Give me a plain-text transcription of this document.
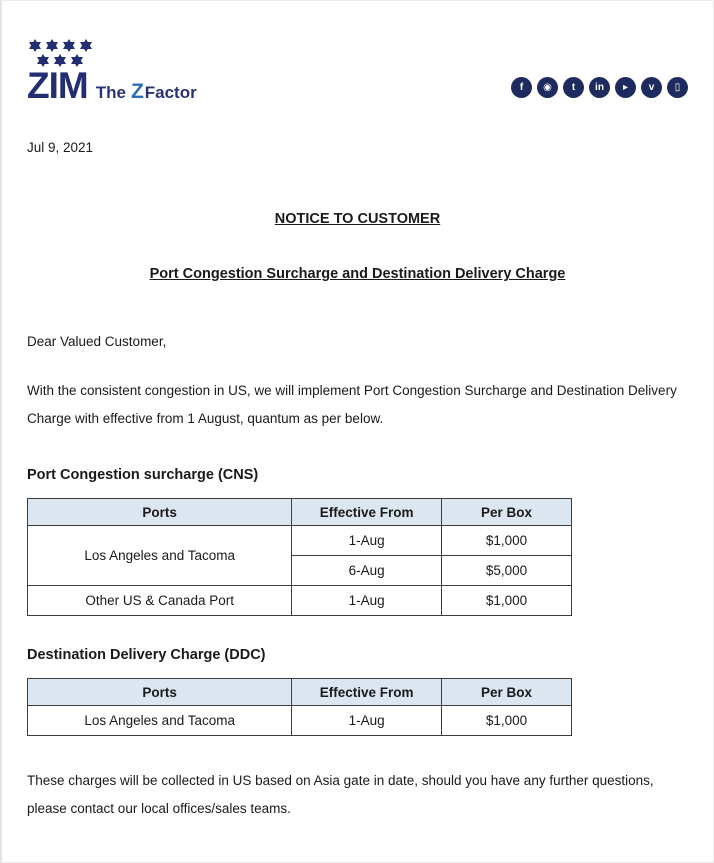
ZIM The Z Factor	f	◉	t	in	▸	v	▯
Jul 9, 2021
NOTICE TO CUSTOMER
Port Congestion Surcharge and Destination Delivery Charge
Dear Valued Customer,
With the consistent congestion in US, we will implement Port Congestion Surcharge and Destination Delivery Charge with effective from 1 August, quantum as per below.
Port Congestion surcharge (CNS)
Ports	Effective From	Per Box
Los Angeles and Tacoma	1-Aug	$1,000
	6-Aug	$5,000
Other US & Canada Port	1-Aug	$1,000
Destination Delivery Charge (DDC)
Ports	Effective From	Per Box
Los Angeles and Tacoma	1-Aug	$1,000
These charges will be collected in US based on Asia gate in date, should you have any further questions, please contact our local offices/sales teams.
